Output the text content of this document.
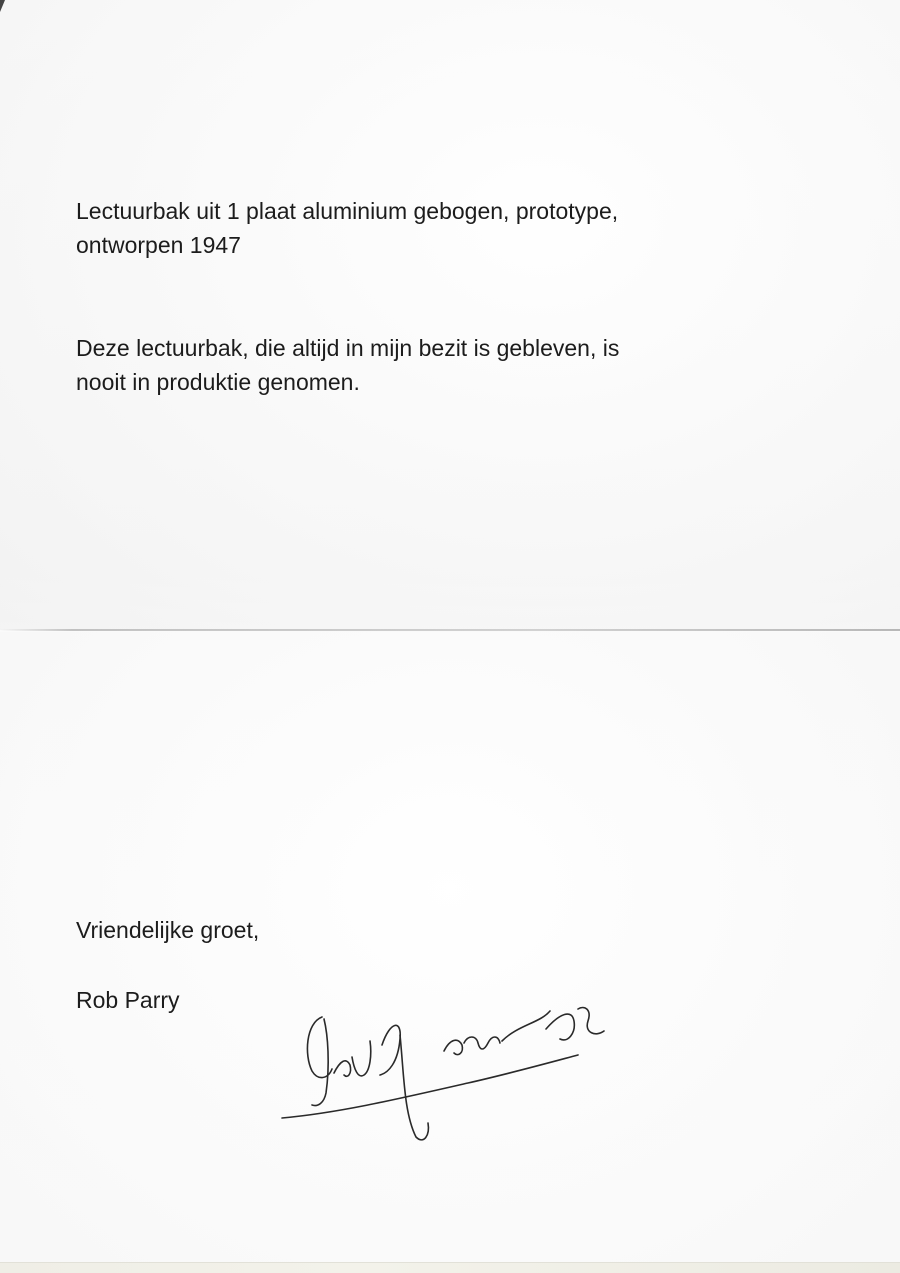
Lectuurbak uit 1 plaat aluminium gebogen, prototype,
ontworpen 1947

Deze lectuurbak, die altijd in mijn bezit is gebleven, is
nooit in produktie genomen.

Vriendelijke groet,

Rob Parry
